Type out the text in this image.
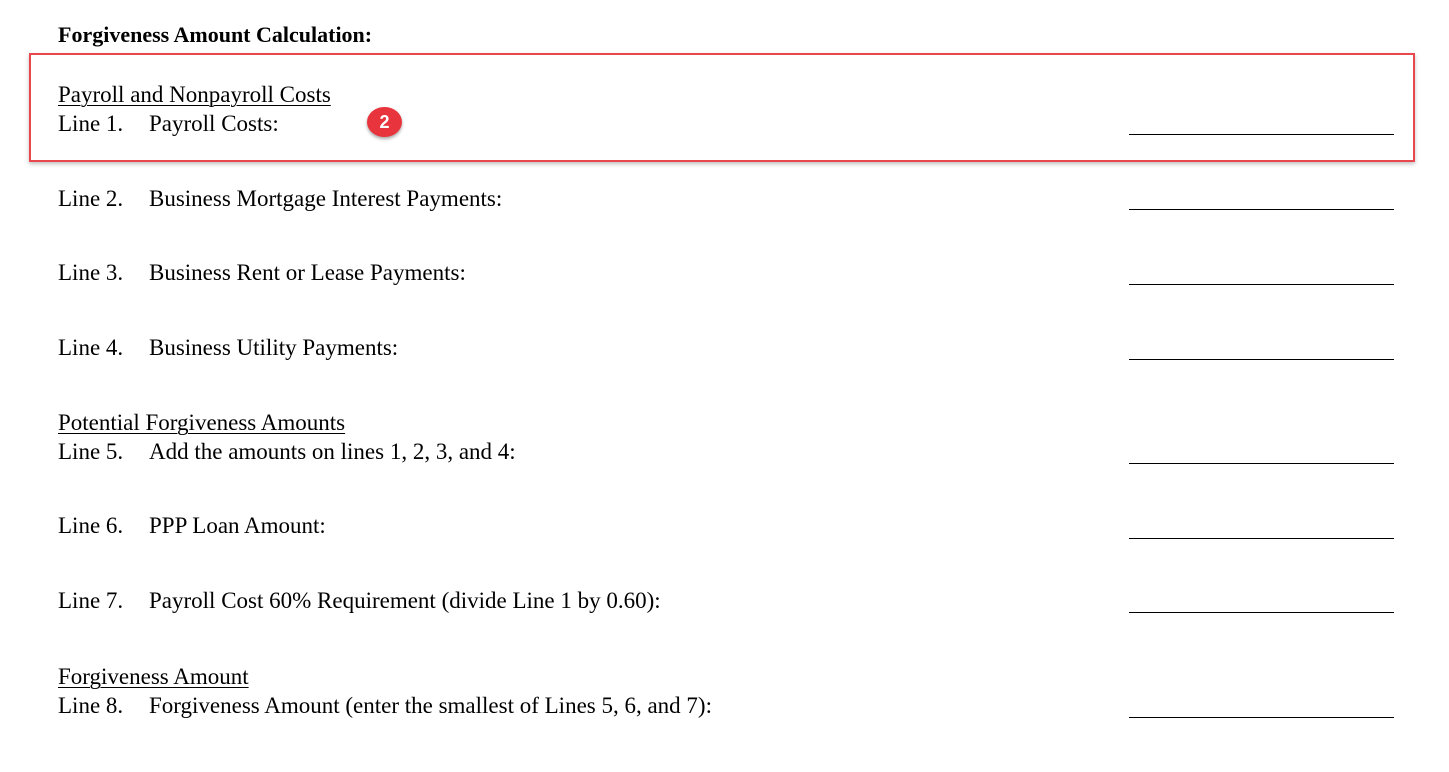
Forgiveness Amount Calculation:
2
Payroll and Nonpayroll Costs
Line 1. Payroll Costs:
Line 2. Business Mortgage Interest Payments:
Line 3. Business Rent or Lease Payments:
Line 4. Business Utility Payments:
Potential Forgiveness Amounts
Line 5. Add the amounts on lines 1, 2, 3, and 4:
Line 6. PPP Loan Amount:
Line 7. Payroll Cost 60% Requirement (divide Line 1 by 0.60):
Forgiveness Amount
Line 8. Forgiveness Amount (enter the smallest of Lines 5, 6, and 7):
